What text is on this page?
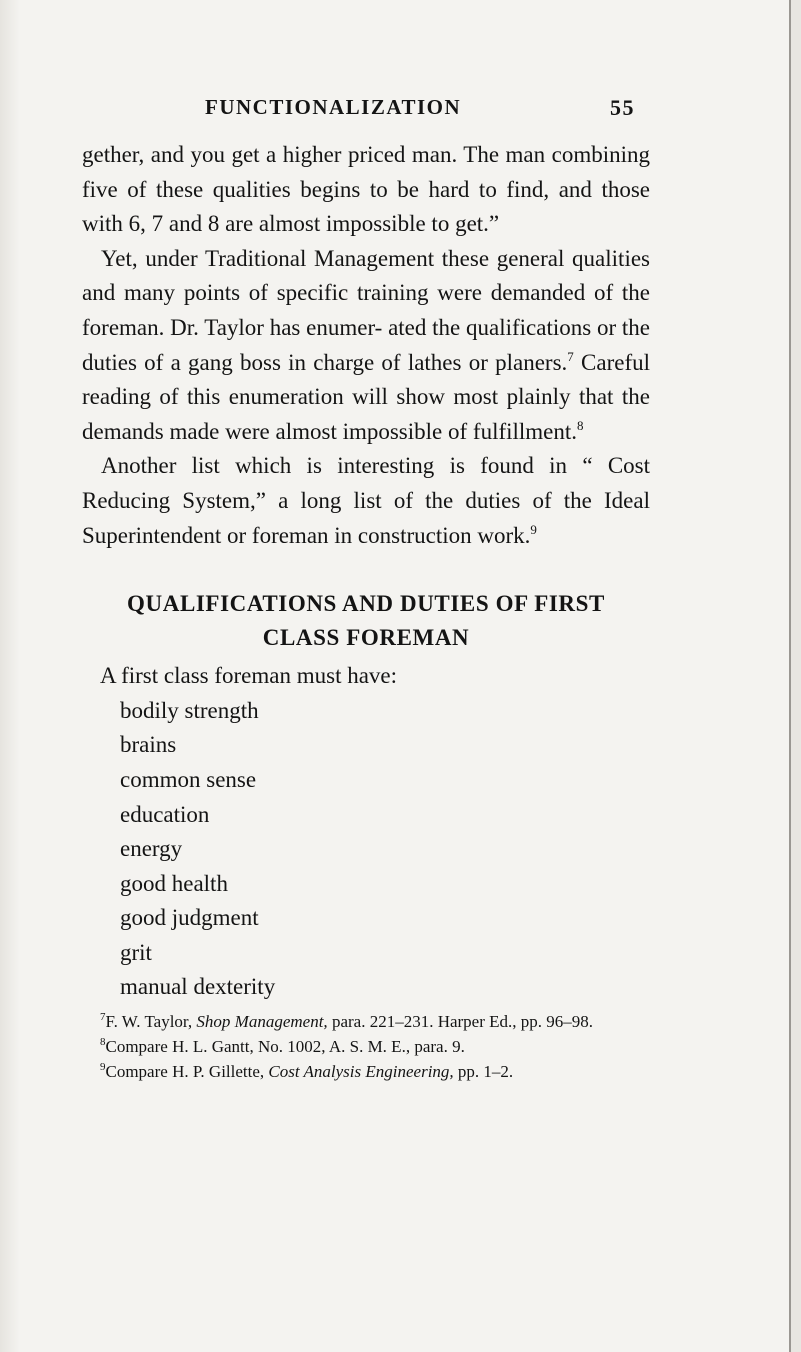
FUNCTIONALIZATION	55

gether, and you get a higher priced man. The man combining five of these qualities begins to be hard to find, and those with 6, 7 and 8 are almost impossible to get.”

Yet, under Traditional Management these general qualities and many points of specific training were demanded of the foreman. Dr. Taylor has enumer- ated the qualifications or the duties of a gang boss in charge of lathes or planers.$^7$ Careful reading of this enumeration will show most plainly that the demands made were almost impossible of fulfillment.$^8$

Another list which is interesting is found in “ Cost Reducing System,” a long list of the duties of the Ideal Superintendent or foreman in construction work.$^9$

QUALIFICATIONS AND DUTIES OF FIRST

CLASS FOREMAN

A first class foreman must have:

bodily strength
brains
common sense
education
energy
good health
good judgment
grit
manual dexterity

$^7$F. W. Taylor, Shop Management, para. 221–231. Harper Ed., pp. 96–98.

$^8$Compare H. L. Gantt, No. 1002, A. S. M. E., para. 9.

$^9$Compare H. P. Gillette, Cost Analysis Engineering, pp. 1–2.
